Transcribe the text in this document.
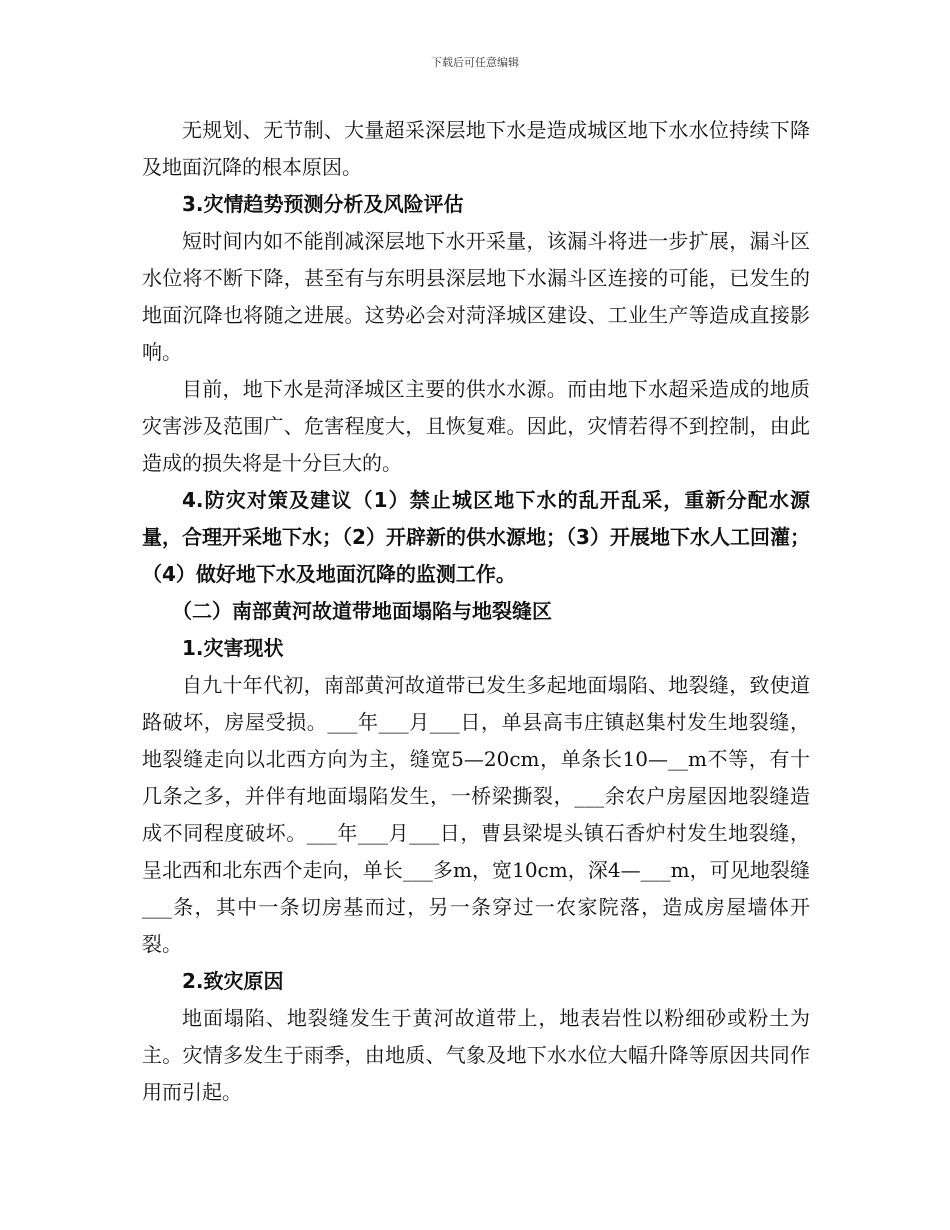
下载后可任意编辑

无规划、无节制、大量超采深层地下水是造成城区地下水水位持续下降及地面沉降的根本原因。

3.灾情趋势预测分析及风险评估

短时间内如不能削减深层地下水开采量，该漏斗将进一步扩展，漏斗区水位将不断下降，甚至有与东明县深层地下水漏斗区连接的可能，已发生的地面沉降也将随之进展。这势必会对菏泽城区建设、工业生产等造成直接影响。

目前，地下水是菏泽城区主要的供水水源。而由地下水超采造成的地质灾害涉及范围广、危害程度大，且恢复难。因此，灾情若得不到控制，由此造成的损失将是十分巨大的。

4.防灾对策及建议（1）禁止城区地下水的乱开乱采，重新分配水源量，合理开采地下水；（2）开辟新的供水源地；（3）开展地下水人工回灌；（4）做好地下水及地面沉降的监测工作。

（二）南部黄河故道带地面塌陷与地裂缝区

1.灾害现状

自九十年代初，南部黄河故道带已发生多起地面塌陷、地裂缝，致使道路破坏，房屋受损。___年___月___日，单县高韦庄镇赵集村发生地裂缝，地裂缝走向以北西方向为主，缝宽5—20cm，单条长10—__m不等，有十几条之多，并伴有地面塌陷发生，一桥梁撕裂，___余农户房屋因地裂缝造成不同程度破坏。___年___月___日，曹县梁堤头镇石香炉村发生地裂缝，呈北西和北东西个走向，单长___多m，宽10cm，深4—___m，可见地裂缝___条，其中一条切房基而过，另一条穿过一农家院落，造成房屋墙体开裂。

2.致灾原因

地面塌陷、地裂缝发生于黄河故道带上，地表岩性以粉细砂或粉土为主。灾情多发生于雨季，由地质、气象及地下水水位大幅升降等原因共同作用而引起。
